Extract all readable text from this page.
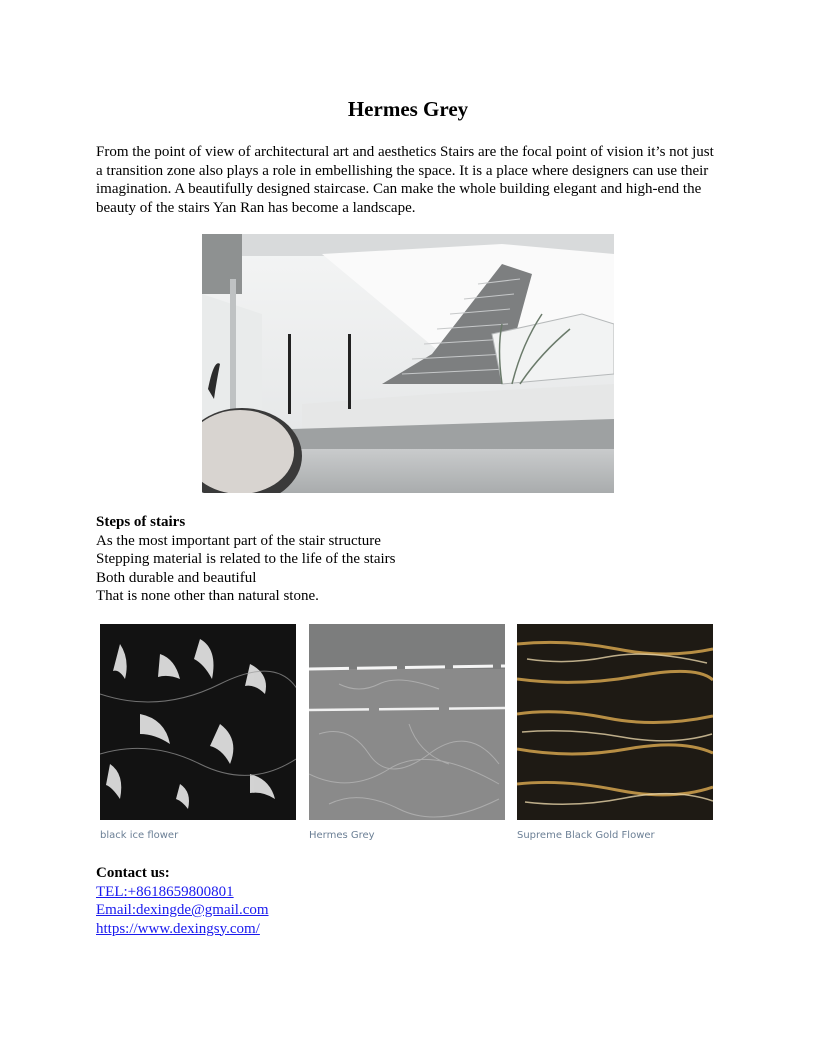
Hermes Grey

From the point of view of architectural art and aesthetics Stairs are the focal point of vision it’s not just a transition zone also plays a role in embellishing the space. It is a place where designers can use their imagination. A beautifully designed staircase. Can make the whole building elegant and high-end the beauty of the stairs Yan Ran has become a landscape.

Steps of stairs
As the most important part of the stair structure
Stepping material is related to the life of the stairs
Both durable and beautiful
That is none other than natural stone.
black ice flower	Hermes Grey	Supreme Black Gold Flower
Contact us:
TEL:+8618659800801
Email:dexingde@gmail.com
https://www.dexingsy.com/
